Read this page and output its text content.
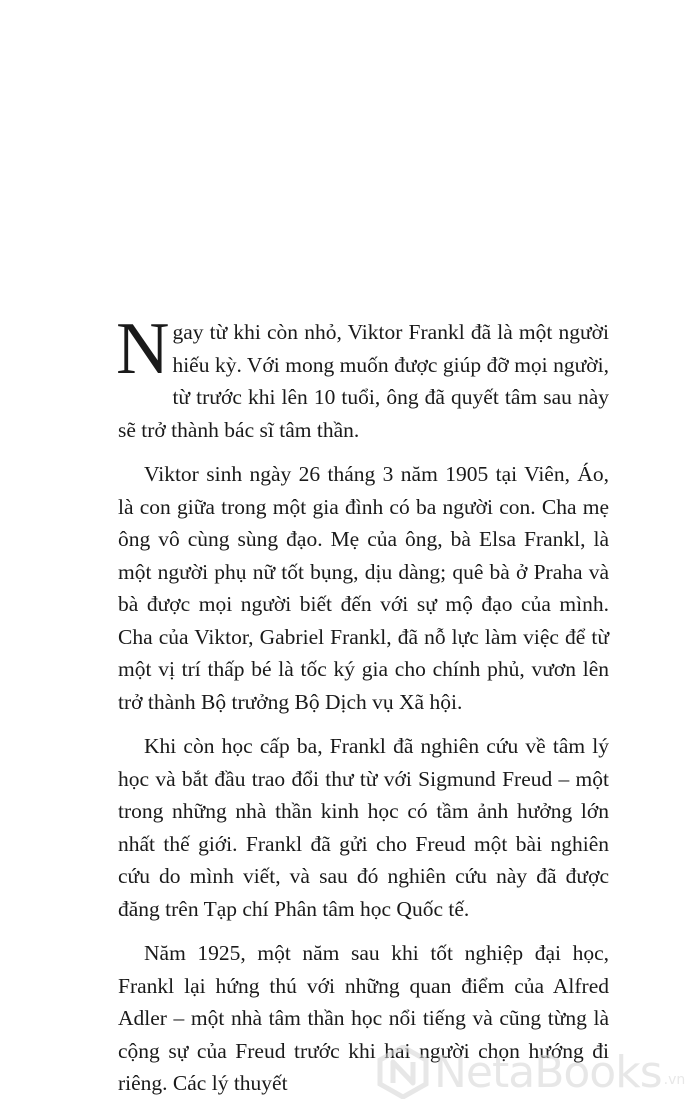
Ngay từ khi còn nhỏ, Viktor Frankl đã là một người hiếu kỳ. Với mong muốn được giúp đỡ mọi người, từ trước khi lên 10 tuổi, ông đã quyết tâm sau này sẽ trở thành bác sĩ tâm thần.

Viktor sinh ngày 26 tháng 3 năm 1905 tại Viên, Áo, là con giữa trong một gia đình có ba người con. Cha mẹ ông vô cùng sùng đạo. Mẹ của ông, bà Elsa Frankl, là một người phụ nữ tốt bụng, dịu dàng; quê bà ở Praha và bà được mọi người biết đến với sự mộ đạo của mình. Cha của Viktor, Gabriel Frankl, đã nỗ lực làm việc để từ một vị trí thấp bé là tốc ký gia cho chính phủ, vươn lên trở thành Bộ trưởng Bộ Dịch vụ Xã hội.

Khi còn học cấp ba, Frankl đã nghiên cứu về tâm lý học và bắt đầu trao đổi thư từ với Sigmund Freud – một trong những nhà thần kinh học có tầm ảnh hưởng lớn nhất thế giới. Frankl đã gửi cho Freud một bài nghiên cứu do mình viết, và sau đó nghiên cứu này đã được đăng trên Tạp chí Phân tâm học Quốc tế.

Năm 1925, một năm sau khi tốt nghiệp đại học, Frankl lại hứng thú với những quan điểm của Alfred Adler – một nhà tâm thần học nổi tiếng và cũng từng là cộng sự của Freud trước khi hai người chọn hướng đi riêng. Các lý thuyết	NetaBooks .vn
